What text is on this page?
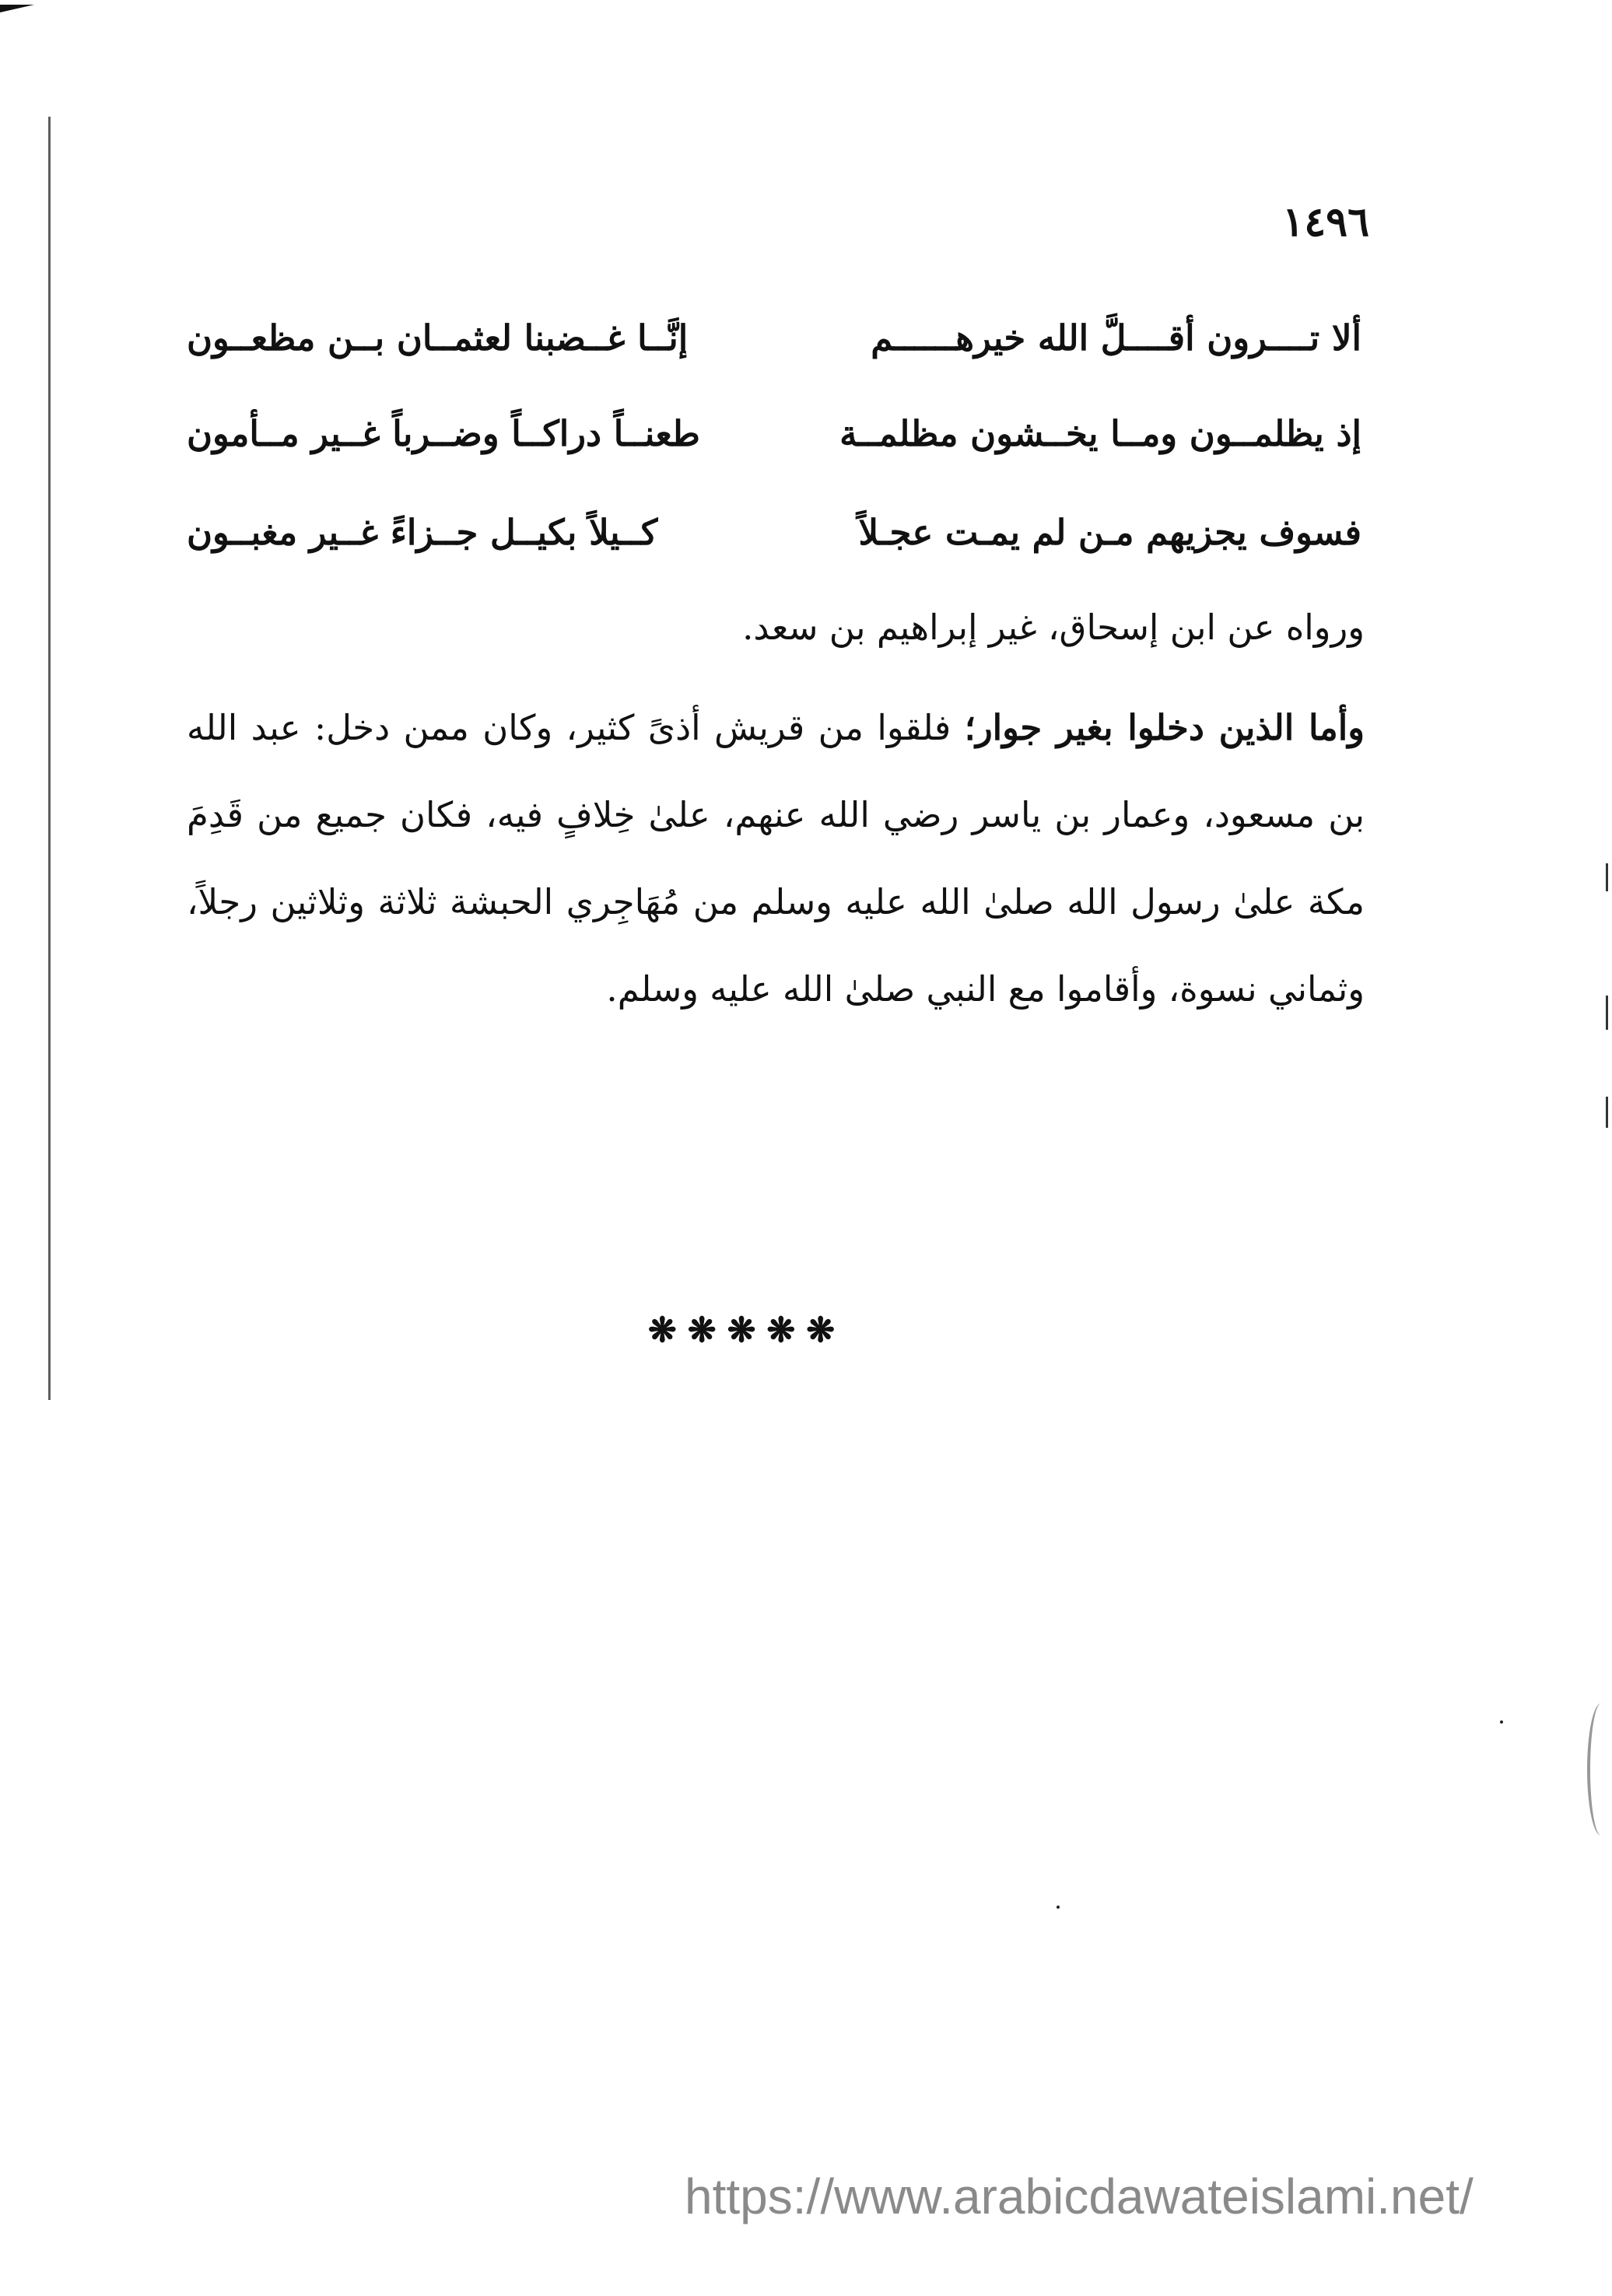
١٤٩٦
ألا تــــرون أقــــلَّ الله خيرهــــــم
إنَّــا غــضبنا لعثمــان بــن مظعــون
إذ يظلمــون ومــا يخــشون مظلمــة
طعنــاً دراكــاً وضــرباً غــير مــأمون
فسوف يجزيهم مـن لم يمـت عجـلاً
كــيلاً بكيــل جــزاءً غــير مغبــون
ورواه عن ابن إسحاق، غير إبراهيم بن سعد.
وأما الذين دخلوا بغير جوار؛ فلقوا من قريش أذىً كثير، وكان ممن دخل: عبد الله بن مسعود، وعمار بن ياسر رضي الله عنهم، علىٰ خِلافٍ فيه، فكان جميع من قَدِمَ مكة علىٰ رسول الله صلىٰ الله عليه وسلم من مُهَاجِري الحبشة ثلاثة وثلاثين رجلاً، وثماني نسوة، وأقاموا مع النبي صلىٰ الله عليه وسلم.
❋❋❋❋❋
https://www.arabicdawateislami.net/
